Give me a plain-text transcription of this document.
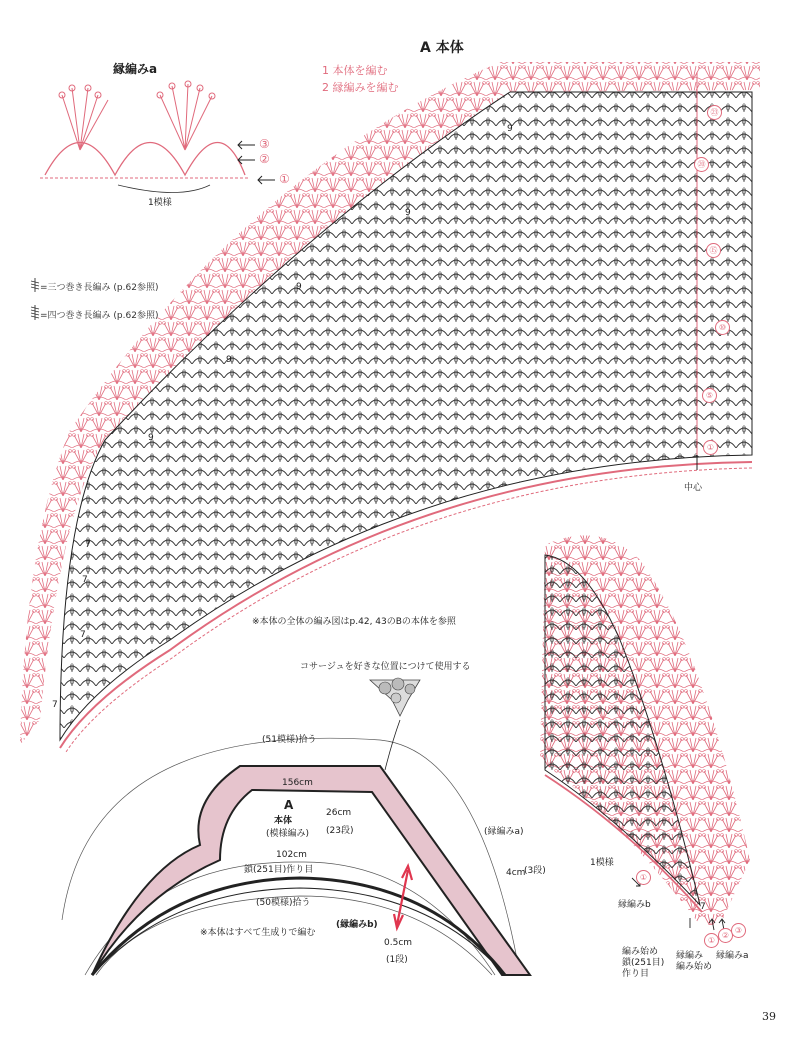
A 本体
1 本体を編む
2 縁編みを編む
縁編みa
1模様
③
②
①
=三つ巻き長編み (p.62参照)
=四つ巻き長編み (p.62参照)
㉓
⑳
⑮
⑩
⑤
①
9
9
9
9
9
7
7
7
7
中心
※本体の全体の編み図はp.42, 43のBの本体を参照
コサージュを好きな位置につけて使用する
(51模様)拾う
156cm
A
本体
(模様編み)
26cm
(23段)	(縁編みa)
102cm
鎖(251目)作り目	4cm
(3段)
(50模様)拾う
(縁編みb)
※本体はすべて生成りで編む
0.5cm
(1段)
1模様
縁編みb
①
7
編み始め
鎖(251目)
作り目
縁編み
編み始め
縁編みa
①
②
③
39
